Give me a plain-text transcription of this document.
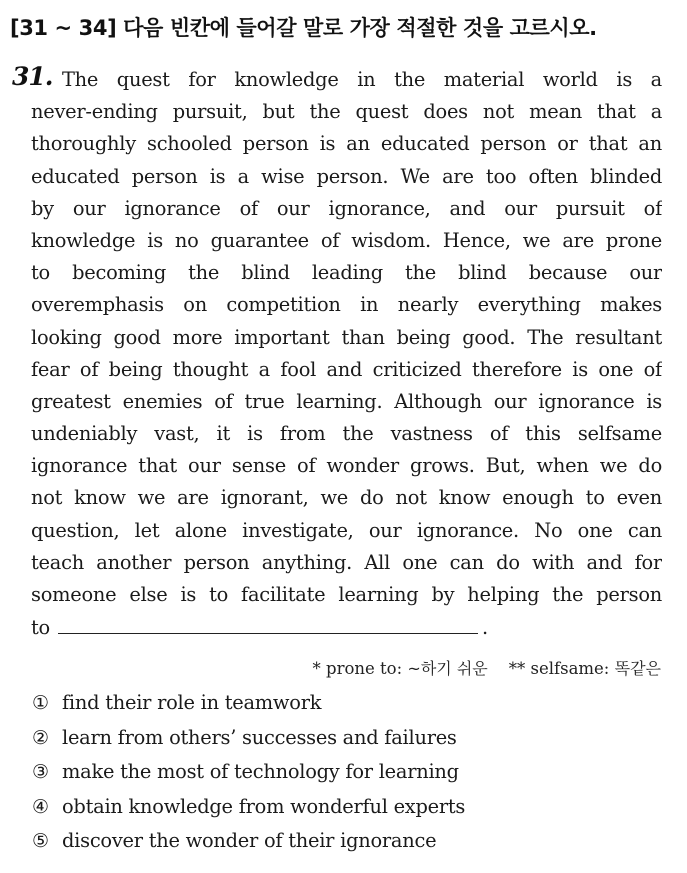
[31 ~ 34] 다음 빈칸에 들어갈 말로 가장 적절한 것을 고르시오.
31. The quest for knowledge in the material world is a
never-ending pursuit, but the quest does not mean that a
thoroughly schooled person is an educated person or that an
educated person is a wise person. We are too often blinded
by our ignorance of our ignorance, and our pursuit of
knowledge is no guarantee of wisdom. Hence, we are prone
to becoming the blind leading the blind because our
overemphasis on competition in nearly everything makes
looking good more important than being good. The resultant
fear of being thought a fool and criticized therefore is one of
greatest enemies of true learning. Although our ignorance is
undeniably vast, it is from the vastness of this selfsame
ignorance that our sense of wonder grows. But, when we do
not know we are ignorant, we do not know enough to even
question, let alone investigate, our ignorance. No one can
teach another person anything. All one can do with and for
someone else is to facilitate learning by helping the person
to	.
* prone to: ~하기 쉬운 ** selfsame: 똑같은
① find their role in teamwork
② learn from others’ successes and failures
③ make the most of technology for learning
④ obtain knowledge from wonderful experts
⑤ discover the wonder of their ignorance
